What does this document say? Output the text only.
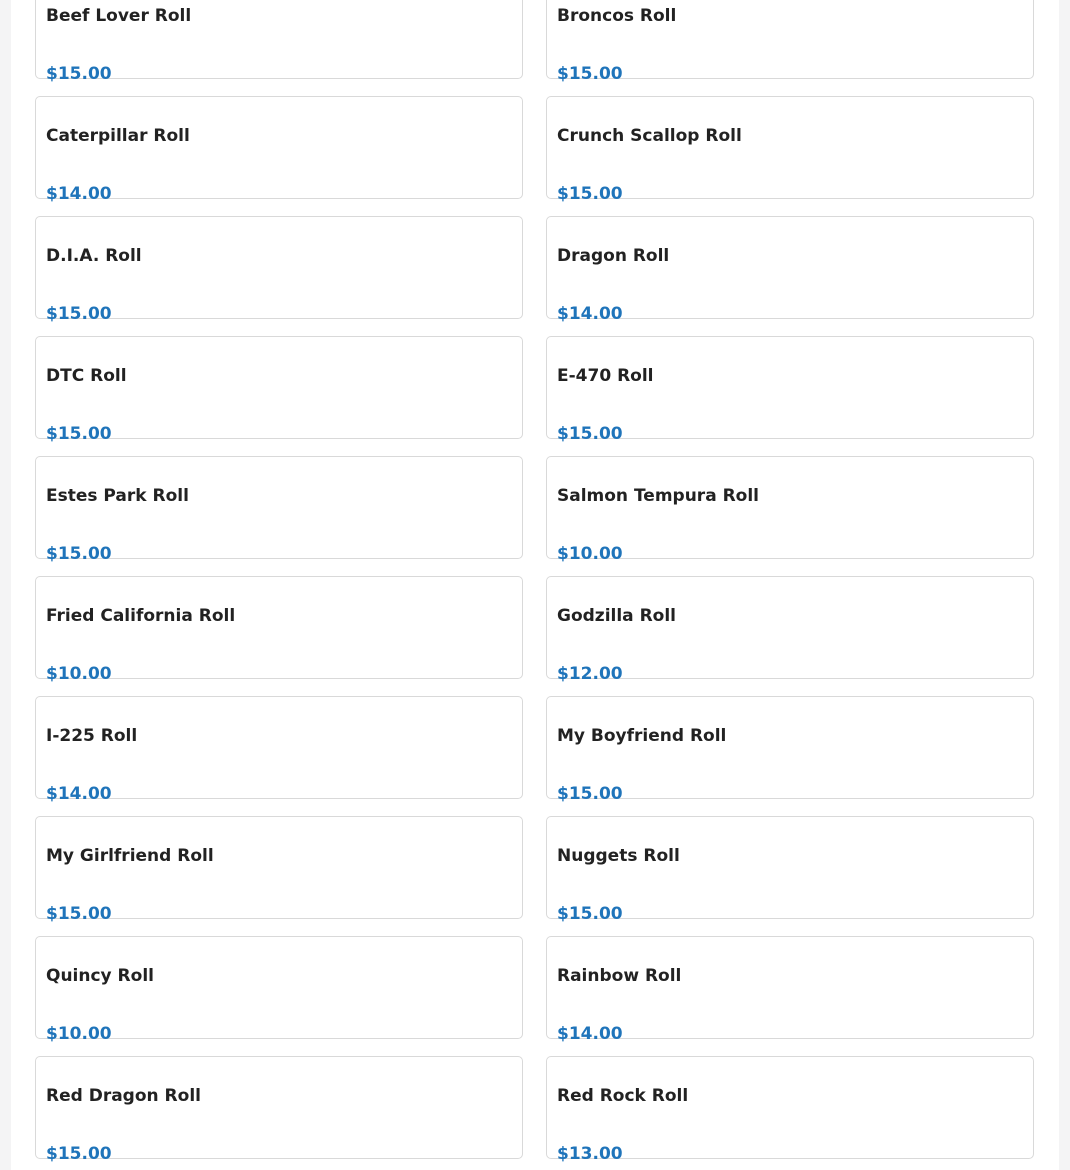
Beef Lover Roll
$15.00
Broncos Roll
$15.00
Caterpillar Roll
$14.00
Crunch Scallop Roll
$15.00
D.I.A. Roll
$15.00
Dragon Roll
$14.00
DTC Roll
$15.00
E-470 Roll
$15.00
Estes Park Roll
$15.00
Salmon Tempura Roll
$10.00
Fried California Roll
$10.00
Godzilla Roll
$12.00
I-225 Roll
$14.00
My Boyfriend Roll
$15.00
My Girlfriend Roll
$15.00
Nuggets Roll
$15.00
Quincy Roll
$10.00
Rainbow Roll
$14.00
Red Dragon Roll
$15.00
Red Rock Roll
$13.00
